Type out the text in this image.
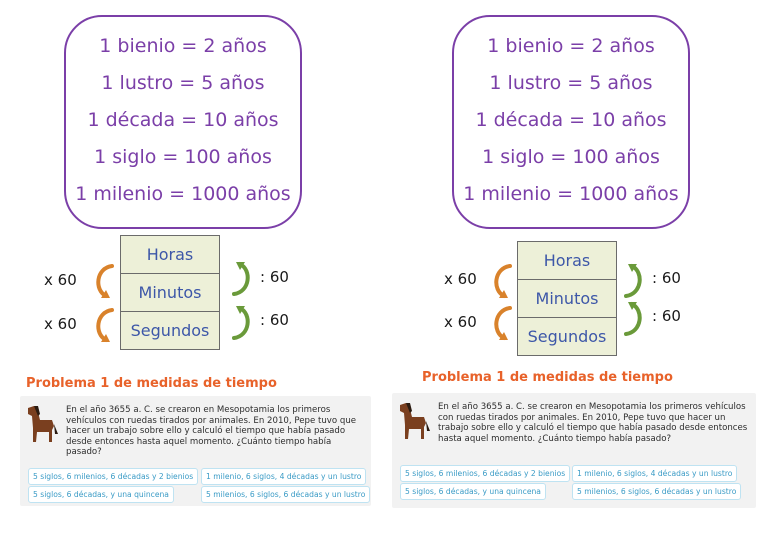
1 bienio = 2 años
1 lustro = 5 años
1 década = 10 años
1 siglo = 100 años
1 milenio = 1000 años
Horas
Minutos
Segundos
x 60
x 60
: 60
: 60
Problema 1 de medidas de tiempo
En el año 3655 a. C. se crearon en Mesopotamia los primeros vehículos con ruedas tirados por animales. En 2010, Pepe tuvo que hacer un trabajo sobre ello y calculó el tiempo que había pasado desde entonces hasta aquel momento. ¿Cuánto tiempo había pasado?
5 siglos, 6 milenios, 6 décadas y 2 bienios	1 milenio, 6 siglos, 4 décadas y un lustro
5 siglos, 6 décadas, y una quincena	5 milenios, 6 siglos, 6 décadas y un lustro
1 bienio = 2 años
1 lustro = 5 años
1 década = 10 años
1 siglo = 100 años
1 milenio = 1000 años
Horas
Minutos
Segundos
x 60
x 60
: 60
: 60
Problema 1 de medidas de tiempo
En el año 3655 a. C. se crearon en Mesopotamia los primeros vehículos con ruedas tirados por animales. En 2010, Pepe tuvo que hacer un trabajo sobre ello y calculó el tiempo que había pasado desde entonces hasta aquel momento. ¿Cuánto tiempo había pasado?
5 siglos, 6 milenios, 6 décadas y 2 bienios	1 milenio, 6 siglos, 4 décadas y un lustro
5 siglos, 6 décadas, y una quincena	5 milenios, 6 siglos, 6 décadas y un lustro
